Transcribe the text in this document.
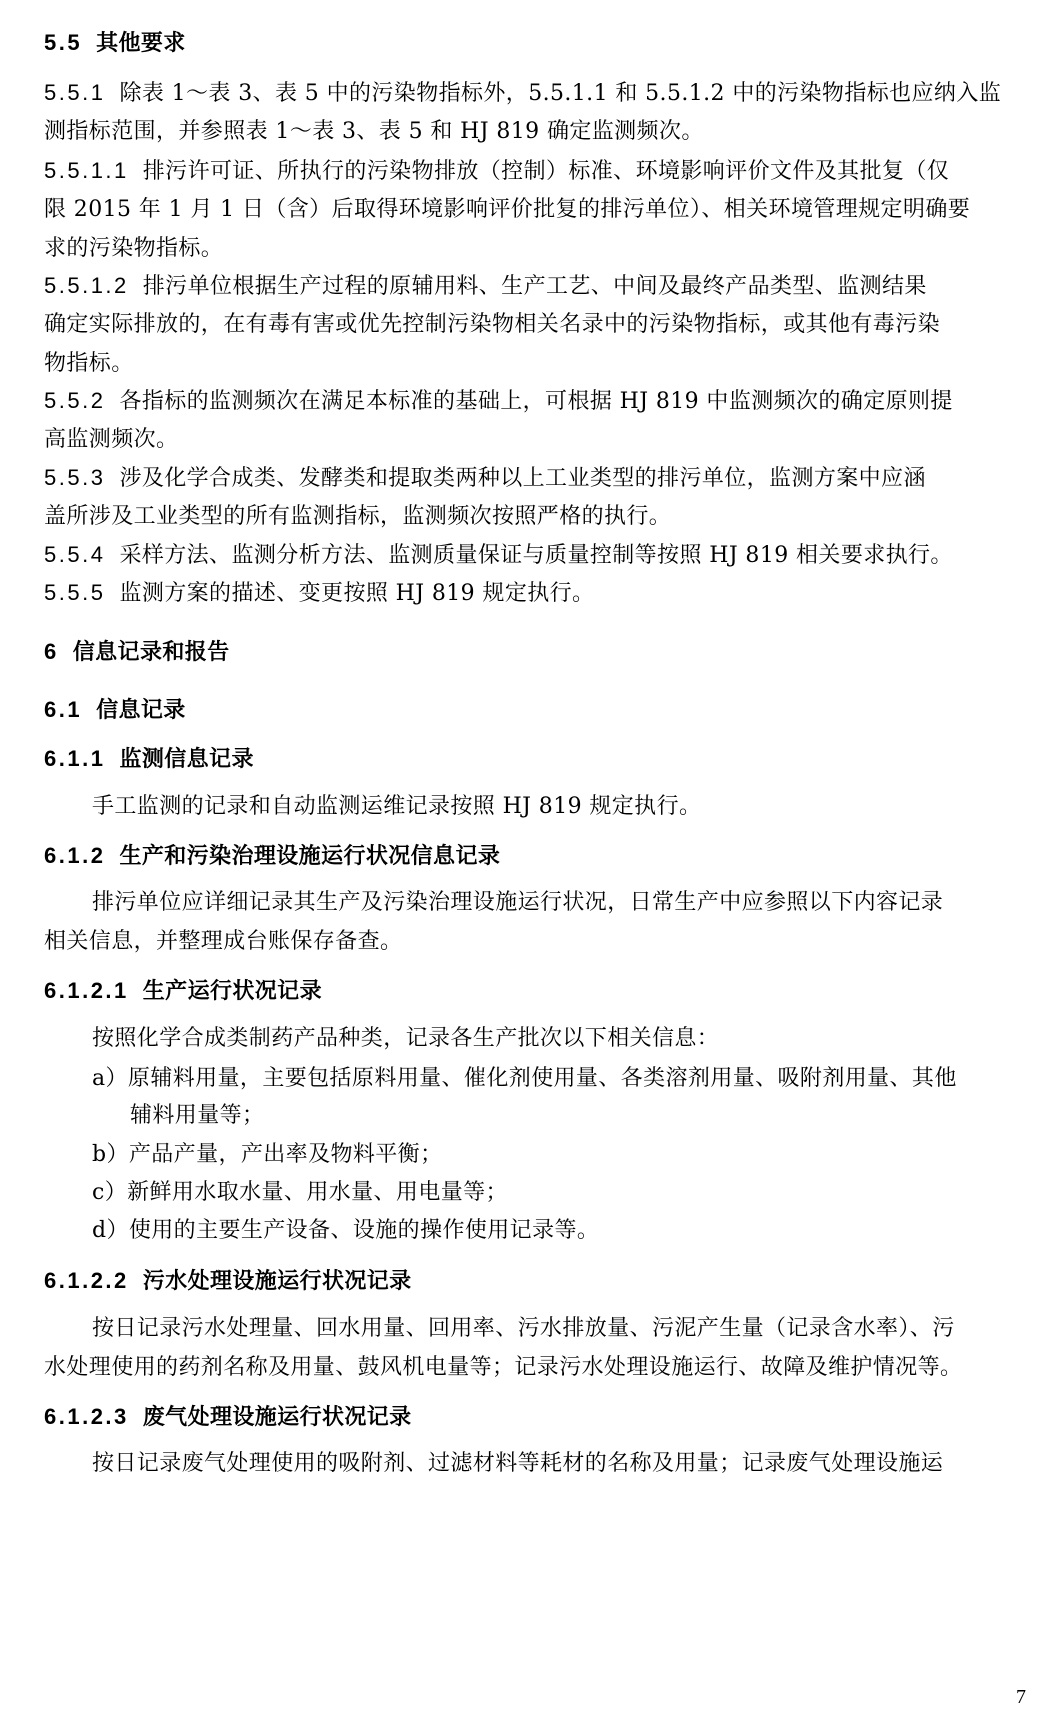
5.5 其他要求
5.5.1 除表 1～表 3、表 5 中的污染物指标外，5.5.1.1 和 5.5.1.2 中的污染物指标也应纳入监
测指标范围，并参照表 1～表 3、表 5 和 HJ 819 确定监测频次。
5.5.1.1 排污许可证、所执行的污染物排放（控制）标准、环境影响评价文件及其批复（仅
限 2015 年 1 月 1 日（含）后取得环境影响评价批复的排污单位）、相关环境管理规定明确要
求的污染物指标。
5.5.1.2 排污单位根据生产过程的原辅用料、生产工艺、中间及最终产品类型、监测结果
确定实际排放的，在有毒有害或优先控制污染物相关名录中的污染物指标，或其他有毒污染
物指标。
5.5.2 各指标的监测频次在满足本标准的基础上，可根据 HJ 819 中监测频次的确定原则提
高监测频次。
5.5.3 涉及化学合成类、发酵类和提取类两种以上工业类型的排污单位，监测方案中应涵
盖所涉及工业类型的所有监测指标，监测频次按照严格的执行。
5.5.4 采样方法、监测分析方法、监测质量保证与质量控制等按照 HJ 819 相关要求执行。
5.5.5 监测方案的描述、变更按照 HJ 819 规定执行。
6 信息记录和报告
6.1 信息记录
6.1.1 监测信息记录
手工监测的记录和自动监测运维记录按照 HJ 819 规定执行。
6.1.2 生产和污染治理设施运行状况信息记录
排污单位应详细记录其生产及污染治理设施运行状况，日常生产中应参照以下内容记录
相关信息，并整理成台账保存备查。
6.1.2.1 生产运行状况记录
按照化学合成类制药产品种类，记录各生产批次以下相关信息：
a）原辅料用量，主要包括原料用量、催化剂使用量、各类溶剂用量、吸附剂用量、其他
辅料用量等；
b）产品产量，产出率及物料平衡；
c）新鲜用水取水量、用水量、用电量等；
d）使用的主要生产设备、设施的操作使用记录等。
6.1.2.2 污水处理设施运行状况记录
按日记录污水处理量、回水用量、回用率、污水排放量、污泥产生量（记录含水率）、污
水处理使用的药剂名称及用量、鼓风机电量等；记录污水处理设施运行、故障及维护情况等。
6.1.2.3 废气处理设施运行状况记录
按日记录废气处理使用的吸附剂、过滤材料等耗材的名称及用量；记录废气处理设施运
7
